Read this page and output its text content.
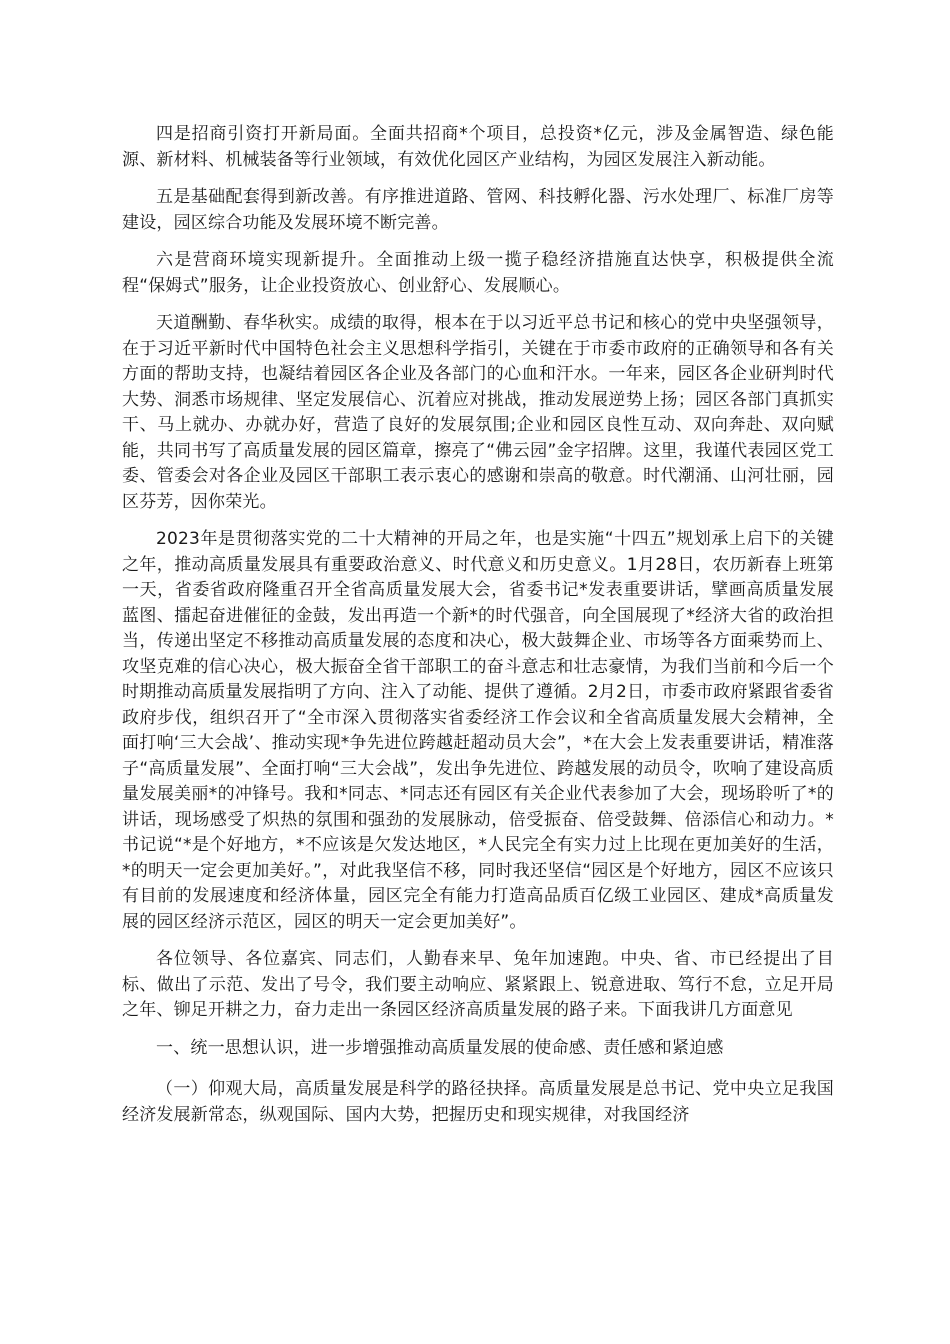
四是招商引资打开新局面。全面共招商*个项目，总投资*亿元，涉及金属智造、绿色能源、新材料、机械装备等行业领域，有效优化园区产业结构，为园区发展注入新动能。

五是基础配套得到新改善。有序推进道路、管网、科技孵化器、污水处理厂、标准厂房等建设，园区综合功能及发展环境不断完善。

六是营商环境实现新提升。全面推动上级一揽子稳经济措施直达快享，积极提供全流程“保姆式”服务，让企业投资放心、创业舒心、发展顺心。

天道酬勤、春华秋实。成绩的取得，根本在于以习近平总书记和核心的党中央坚强领导，在于习近平新时代中国特色社会主义思想科学指引，关键在于市委市政府的正确领导和各有关方面的帮助支持，也凝结着园区各企业及各部门的心血和汗水。一年来，园区各企业研判时代大势、洞悉市场规律、坚定发展信心、沉着应对挑战，推动发展逆势上扬；园区各部门真抓实干、马上就办、办就办好，营造了良好的发展氛围;企业和园区良性互动、双向奔赴、双向赋能，共同书写了高质量发展的园区篇章，擦亮了“佛云园”金字招牌。这里，我谨代表园区党工委、管委会对各企业及园区干部职工表示衷心的感谢和崇高的敬意。时代潮涌、山河壮丽，园区芬芳，因你荣光。

2023年是贯彻落实党的二十大精神的开局之年，也是实施“十四五”规划承上启下的关键之年，推动高质量发展具有重要政治意义、时代意义和历史意义。1月28日，农历新春上班第一天，省委省政府隆重召开全省高质量发展大会，省委书记*发表重要讲话，擘画高质量发展蓝图、擂起奋进催征的金鼓，发出再造一个新*的时代强音，向全国展现了*经济大省的政治担当，传递出坚定不移推动高质量发展的态度和决心，极大鼓舞企业、市场等各方面乘势而上、攻坚克难的信心决心，极大振奋全省干部职工的奋斗意志和壮志豪情，为我们当前和今后一个时期推动高质量发展指明了方向、注入了动能、提供了遵循。2月2日，市委市政府紧跟省委省政府步伐，组织召开了“全市深入贯彻落实省委经济工作会议和全省高质量发展大会精神，全面打响‘三大会战’、推动实现*争先进位跨越赶超动员大会”，*在大会上发表重要讲话，精准落子“高质量发展”、全面打响“三大会战”，发出争先进位、跨越发展的动员令，吹响了建设高质量发展美丽*的冲锋号。我和*同志、*同志还有园区有关企业代表参加了大会，现场聆听了*的讲话，现场感受了炽热的氛围和强劲的发展脉动，倍受振奋、倍受鼓舞、倍添信心和动力。*书记说“*是个好地方，*不应该是欠发达地区，*人民完全有实力过上比现在更加美好的生活，*的明天一定会更加美好。”，对此我坚信不移，同时我还坚信“园区是个好地方，园区不应该只有目前的发展速度和经济体量，园区完全有能力打造高品质百亿级工业园区、建成*高质量发展的园区经济示范区，园区的明天一定会更加美好”。

各位领导、各位嘉宾、同志们，人勤春来早、兔年加速跑。中央、省、市已经提出了目标、做出了示范、发出了号令，我们要主动响应、紧紧跟上、锐意进取、笃行不怠，立足开局之年、铆足开耕之力，奋力走出一条园区经济高质量发展的路子来。下面我讲几方面意见

一、统一思想认识，进一步增强推动高质量发展的使命感、责任感和紧迫感

（一）仰观大局，高质量发展是科学的路径抉择。高质量发展是总书记、党中央立足我国经济发展新常态，纵观国际、国内大势，把握历史和现实规律，对我国经济
